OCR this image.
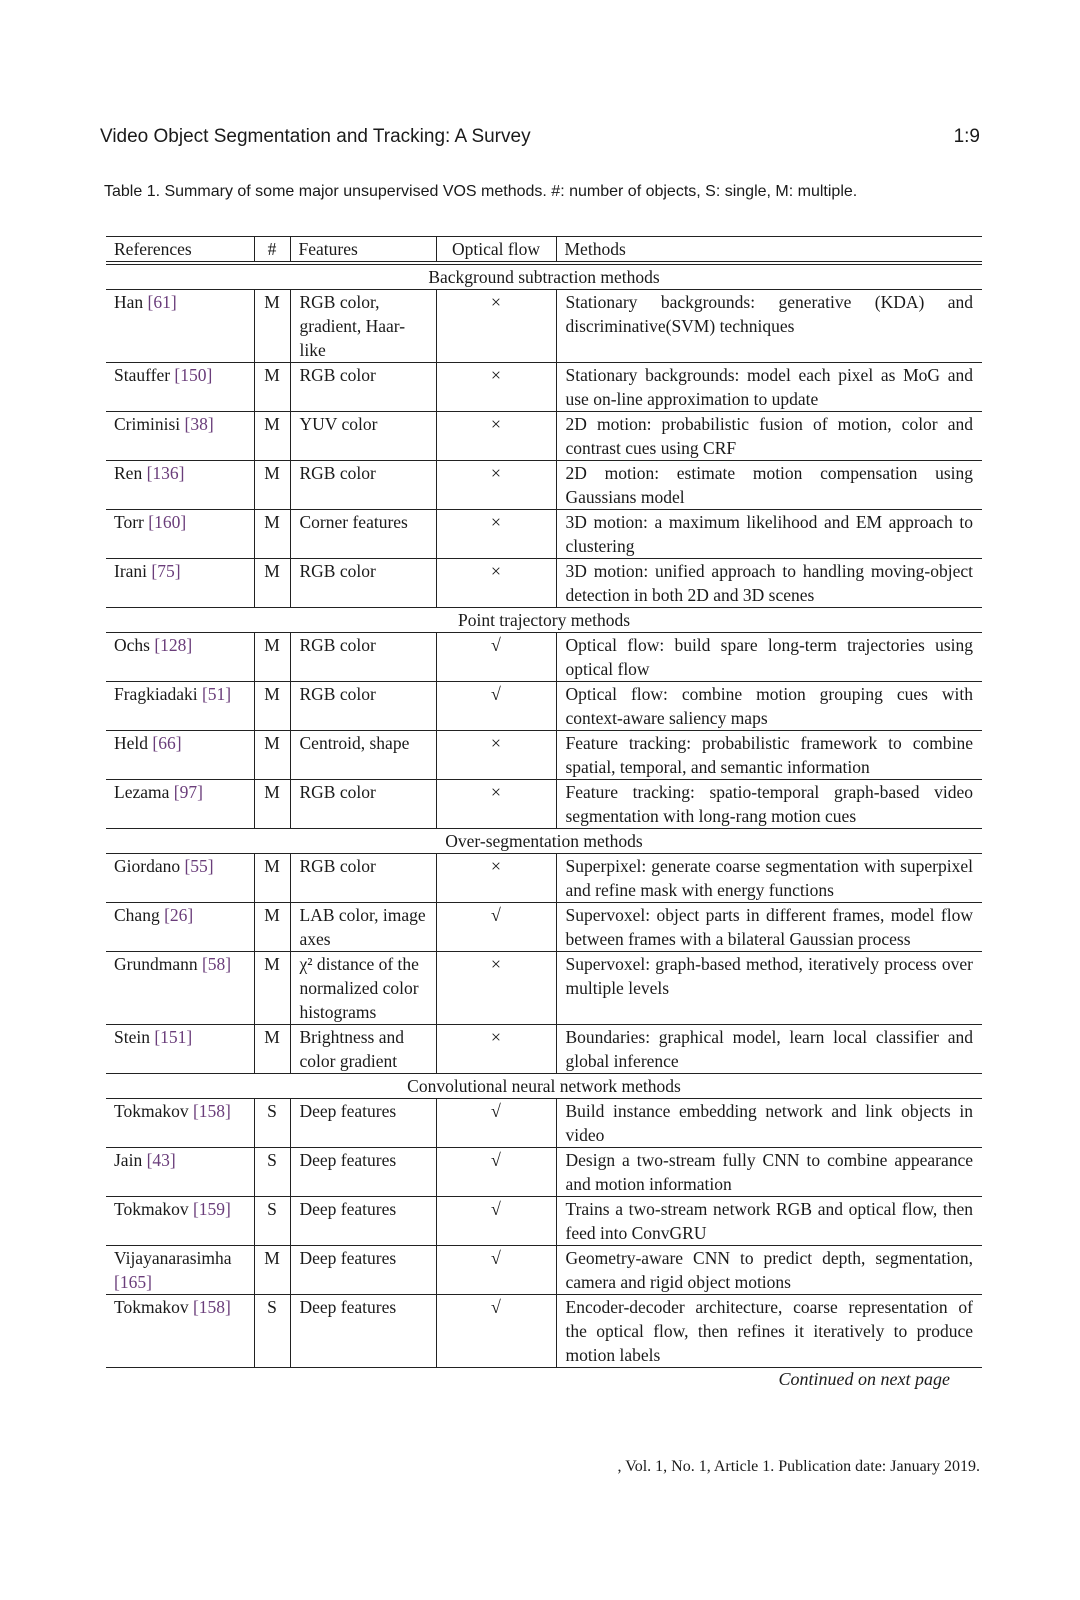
Video Object Segmentation and Tracking: A Survey	1:9
Table 1. Summary of some major unsupervised VOS methods. #: number of objects, S: single, M: multiple.
References	#	Features	Optical flow	Methods
Background subtraction methods				
Han [61]	M	RGB color, gradient, Haar-like	×	Stationary backgrounds: generative (KDA) and discriminative(SVM) techniques
Stauffer [150]	M	RGB color	×	Stationary backgrounds: model each pixel as MoG and use on-line approximation to update
Criminisi [38]	M	YUV color	×	2D motion: probabilistic fusion of motion, color and contrast cues using CRF
Ren [136]	M	RGB color	×	2D motion: estimate motion compensation using Gaussians model
Torr [160]	M	Corner features	×	3D motion: a maximum likelihood and EM approach to clustering
Irani [75]	M	RGB color	×	3D motion: unified approach to handling moving-object detection in both 2D and 3D scenes
Point trajectory methods				
Ochs [128]	M	RGB color	√	Optical flow: build spare long-term trajectories using optical flow
Fragkiadaki [51]	M	RGB color	√	Optical flow: combine motion grouping cues with context-aware saliency maps
Held [66]	M	Centroid, shape	×	Feature tracking: probabilistic framework to combine spatial, temporal, and semantic information
Lezama [97]	M	RGB color	×	Feature tracking: spatio-temporal graph-based video segmentation with long-rang motion cues
Over-segmentation methods				
Giordano [55]	M	RGB color	×	Superpixel: generate coarse segmentation with superpixel and refine mask with energy functions
Chang [26]	M	LAB color, image axes	√	Supervoxel: object parts in different frames, model flow between frames with a bilateral Gaussian process
Grundmann [58]	M	χ² distance of the normalized color histograms	×	Supervoxel: graph-based method, iteratively process over multiple levels
Stein [151]	M	Brightness and color gradient	×	Boundaries: graphical model, learn local classifier and global inference
Convolutional neural network methods				
Tokmakov [158]	S	Deep features	√	Build instance embedding network and link objects in video
Jain [43]	S	Deep features	√	Design a two-stream fully CNN to combine appearance and motion information
Tokmakov [159]	S	Deep features	√	Trains a two-stream network RGB and optical flow, then feed into ConvGRU
Vijayanarasimha [165]	M	Deep features	√	Geometry-aware CNN to predict depth, segmentation, camera and rigid object motions
Tokmakov [158]	S	Deep features	√	Encoder-decoder architecture, coarse representation of the optical flow, then refines it iteratively to produce motion labels
Continued on next page
, Vol. 1, No. 1, Article 1. Publication date: January 2019.
